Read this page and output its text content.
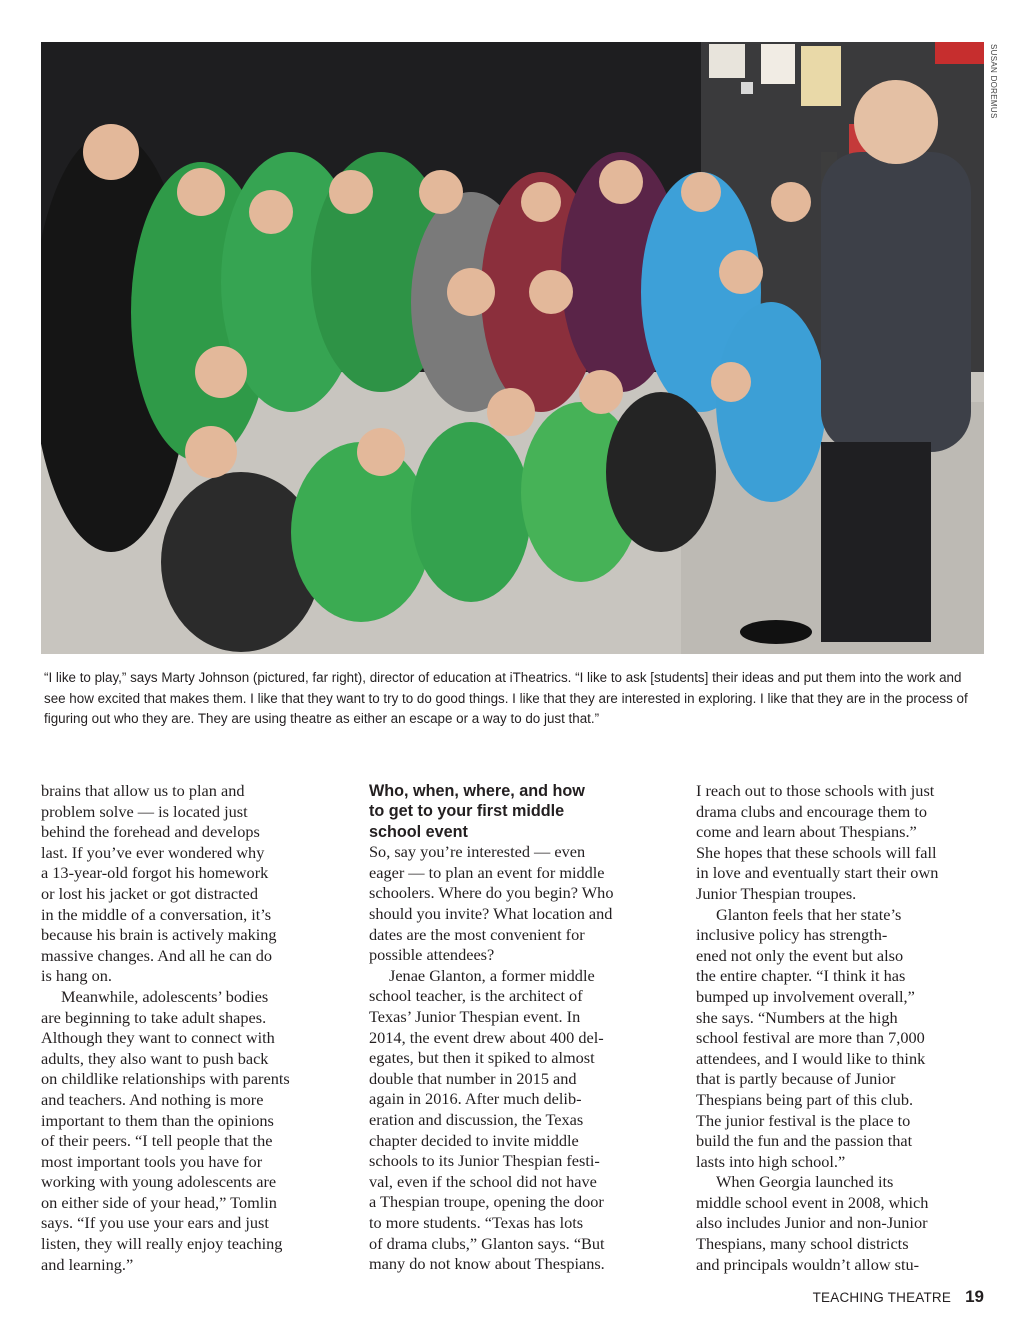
SUSAN DOREMUS
“I like to play,” says Marty Johnson (pictured, far right), director of education at iTheatrics. “I like to ask [students] their ideas and put them into the work and see how excited that makes them. I like that they want to try to do good things. I like that they are interested in exploring. I like that they are in the process of figuring out who they are. They are using theatre as either an escape or a way to do just that.”

brains that allow us to plan and
problem solve — is located just
behind the forehead and develops
last. If you’ve ever wondered why
a 13-year-old forgot his homework
or lost his jacket or got distracted
in the middle of a conversation, it’s
because his brain is actively making
massive changes. And all he can do
is hang on.

Meanwhile, adolescents’ bodies
are beginning to take adult shapes.
Although they want to connect with
adults, they also want to push back
on childlike relationships with parents
and teachers. And nothing is more
important to them than the opinions
of their peers. “I tell people that the
most important tools you have for
working with young adolescents are
on either side of your head,” Tomlin
says. “If you use your ears and just
listen, they will really enjoy teaching
and learning.”

Who, when, where, and how
to get to your first middle
school event

So, say you’re interested — even
eager — to plan an event for middle
schoolers. Where do you begin? Who
should you invite? What location and
dates are the most convenient for
possible attendees?

Jenae Glanton, a former middle
school teacher, is the architect of
Texas’ Junior Thespian event. In
2014, the event drew about 400 del-
egates, but then it spiked to almost
double that number in 2015 and
again in 2016. After much delib-
eration and discussion, the Texas
chapter decided to invite middle
schools to its Junior Thespian festi-
val, even if the school did not have
a Thespian troupe, opening the door
to more students. “Texas has lots
of drama clubs,” Glanton says. “But
many do not know about Thespians.

I reach out to those schools with just
drama clubs and encourage them to
come and learn about Thespians.”
She hopes that these schools will fall
in love and eventually start their own
Junior Thespian troupes.

Glanton feels that her state’s
inclusive policy has strength-
ened not only the event but also
the entire chapter. “I think it has
bumped up involvement overall,”
she says. “Numbers at the high
school festival are more than 7,000
attendees, and I would like to think
that is partly because of Junior
Thespians being part of this club.
The junior festival is the place to
build the fun and the passion that
lasts into high school.”

When Georgia launched its
middle school event in 2008, which
also includes Junior and non-Junior
Thespians, many school districts
and principals wouldn’t allow stu-

TEACHING THEATRE 19
